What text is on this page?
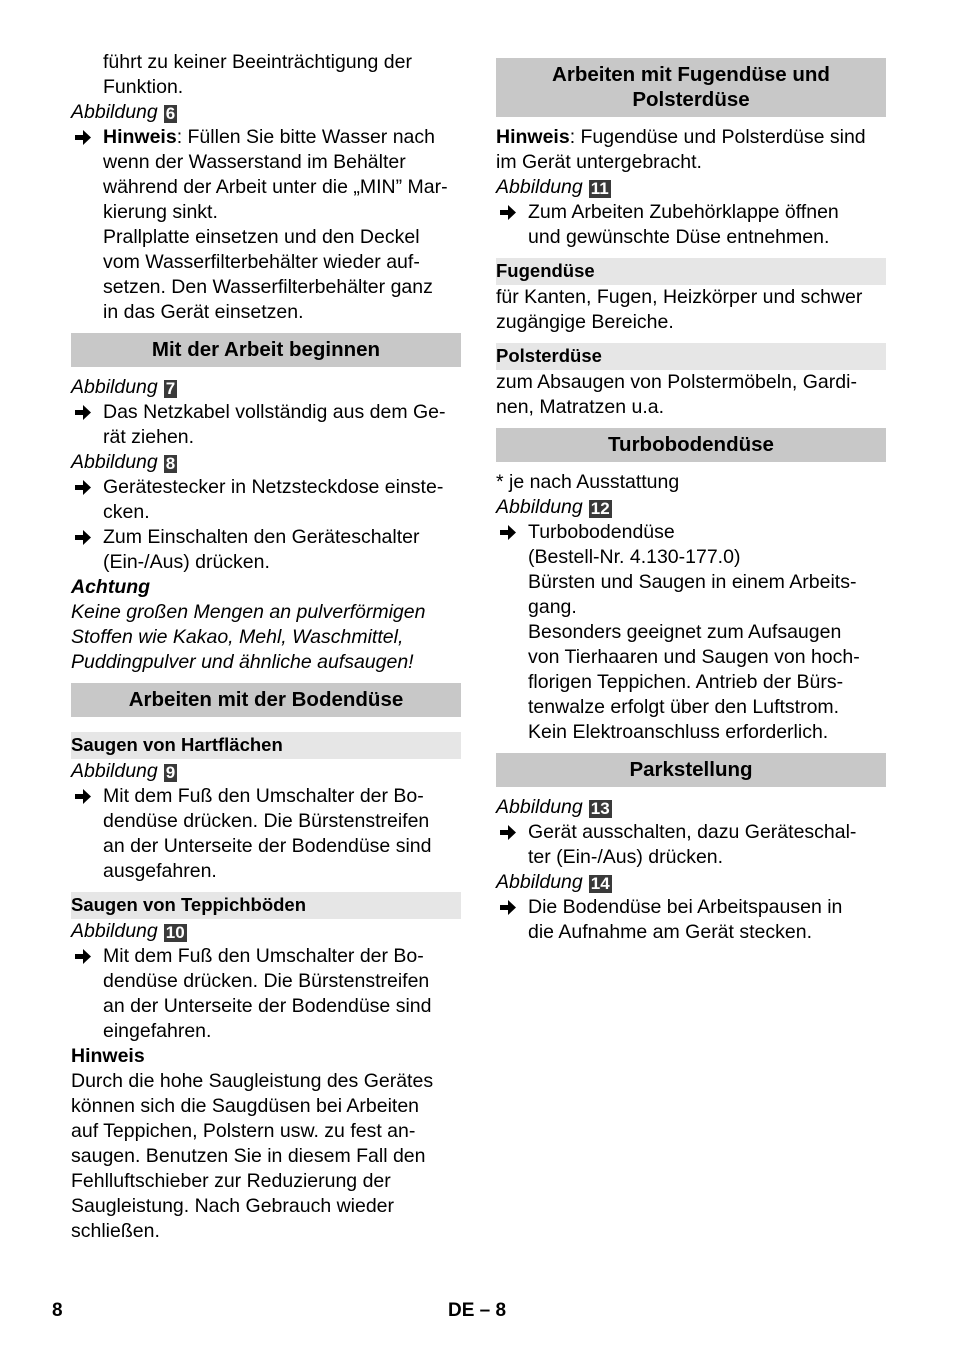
führt zu keiner Beeinträchtigung der
Funktion.
Abbildung 6
Hinweis: Füllen Sie bitte Wasser nach
wenn der Wasserstand im Behälter
während der Arbeit unter die „MIN” Mar-
kierung sinkt.
Prallplatte einsetzen und den Deckel
vom Wasserfilterbehälter wieder auf-
setzen. Den Wasserfilterbehälter ganz
in das Gerät einsetzen.
Mit der Arbeit beginnen
Abbildung 7
Das Netzkabel vollständig aus dem Ge-
rät ziehen.
Abbildung 8
Gerätestecker in Netzsteckdose einste-
cken.
Zum Einschalten den Geräteschalter
(Ein-/Aus) drücken.
Achtung
Keine großen Mengen an pulverförmigen
Stoffen wie Kakao, Mehl, Waschmittel,
Puddingpulver und ähnliche aufsaugen!
Arbeiten mit der Bodendüse
Saugen von Hartflächen
Abbildung 9
Mit dem Fuß den Umschalter der Bo-
dendüse drücken. Die Bürstenstreifen
an der Unterseite der Bodendüse sind
ausgefahren.
Saugen von Teppichböden
Abbildung 10
Mit dem Fuß den Umschalter der Bo-
dendüse drücken. Die Bürstenstreifen
an der Unterseite der Bodendüse sind
eingefahren.
Hinweis
Durch die hohe Saugleistung des Gerätes
können sich die Saugdüsen bei Arbeiten
auf Teppichen, Polstern usw. zu fest an-
saugen. Benutzen Sie in diesem Fall den
Fehlluftschieber zur Reduzierung der
Saugleistung. Nach Gebrauch wieder
schließen.
Arbeiten mit Fugendüse und
Polsterdüse
Hinweis: Fugendüse und Polsterdüse sind
im Gerät untergebracht.
Abbildung 11
Zum Arbeiten Zubehörklappe öffnen
und gewünschte Düse entnehmen.
Fugendüse
für Kanten, Fugen, Heizkörper und schwer
zugängige Bereiche.
Polsterdüse
zum Absaugen von Polstermöbeln, Gardi-
nen, Matratzen u.a.
Turbobodendüse
* je nach Ausstattung
Abbildung 12
Turbobodendüse
(Bestell-Nr. 4.130-177.0)
Bürsten und Saugen in einem Arbeits-
gang.
Besonders geeignet zum Aufsaugen
von Tierhaaren und Saugen von hoch-
florigen Teppichen. Antrieb der Bürs-
tenwalze erfolgt über den Luftstrom.
Kein Elektroanschluss erforderlich.
Parkstellung
Abbildung 13
Gerät ausschalten, dazu Geräteschal-
ter (Ein-/Aus) drücken.
Abbildung 14
Die Bodendüse bei Arbeitspausen in
die Aufnahme am Gerät stecken.
8	DE – 8
